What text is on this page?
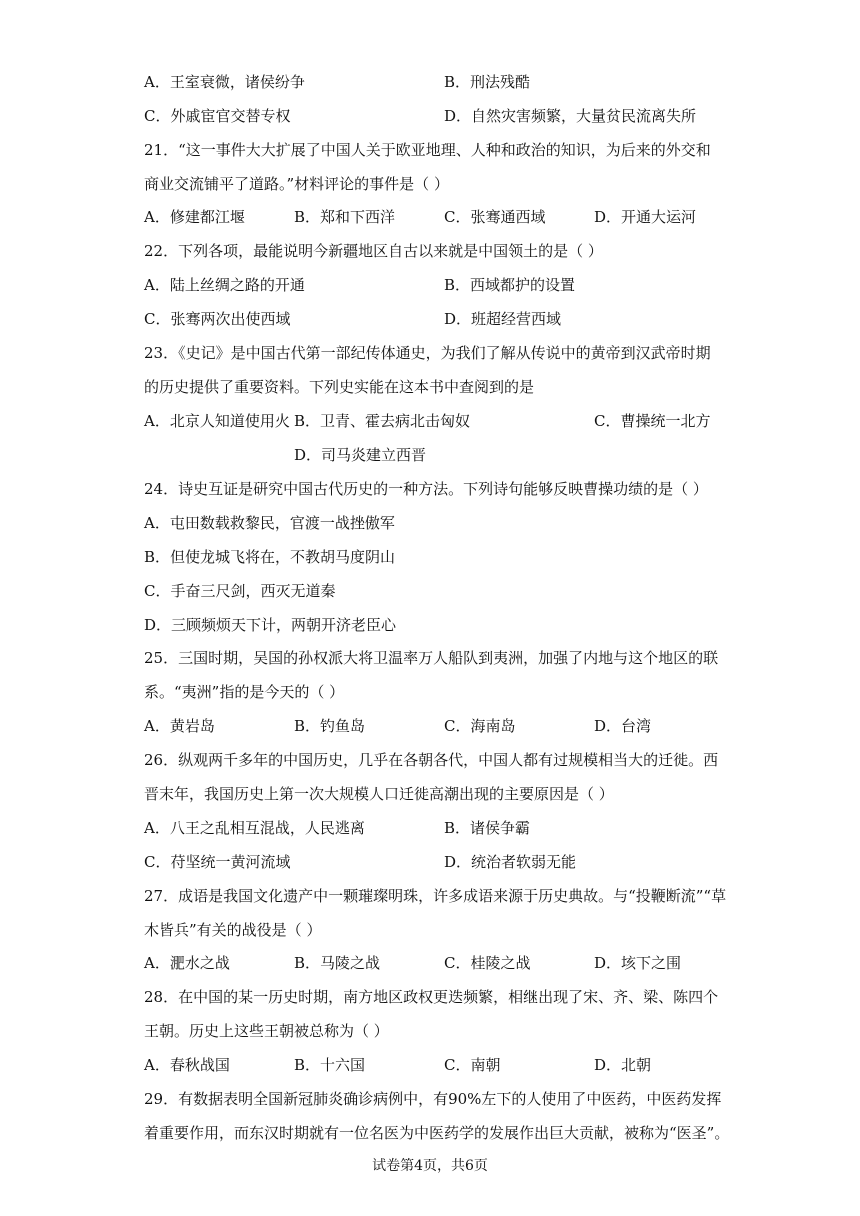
A．王室衰微，诸侯纷争	B．刑法残酷
C．外戚宦官交替专权	D．自然灾害频繁，大量贫民流离失所
21．“这一事件大大扩展了中国人关于欧亚地理、人种和政治的知识，为后来的外交和
商业交流铺平了道路。”材料评论的事件是（ ）
A．修建都江堰	B．郑和下西洋	C．张骞通西域	D．开通大运河
22．下列各项，最能说明今新疆地区自古以来就是中国领土的是（ ）
A．陆上丝绸之路的开通	B．西域都护的设置
C．张骞两次出使西域	D．班超经营西域
23．《史记》是中国古代第一部纪传体通史，为我们了解从传说中的黄帝到汉武帝时期
的历史提供了重要资料。下列史实能在这本书中查阅到的是
A．北京人知道使用火 B．卫青、霍去病北击匈奴	C．曹操统一北方
D．司马炎建立西晋
24．诗史互证是研究中国古代历史的一种方法。下列诗句能够反映曹操功绩的是（ ）
A．屯田数载救黎民，官渡一战挫傲军
B．但使龙城飞将在，不教胡马度阴山
C．手奋三尺剑，西灭无道秦
D．三顾频烦天下计，两朝开济老臣心
25．三国时期，吴国的孙权派大将卫温率万人船队到夷洲，加强了内地与这个地区的联
系。“夷洲”指的是今天的（ ）
A．黄岩岛	B．钓鱼岛	C．海南岛	D．台湾
26．纵观两千多年的中国历史，几乎在各朝各代，中国人都有过规模相当大的迁徙。西
晋末年，我国历史上第一次大规模人口迁徙高潮出现的主要原因是（ ）
A．八王之乱相互混战，人民逃离	B．诸侯争霸
C．苻坚统一黄河流域	D．统治者软弱无能
27．成语是我国文化遗产中一颗璀璨明珠，许多成语来源于历史典故。与“投鞭断流”“草
木皆兵”有关的战役是（ ）
A．淝水之战	B．马陵之战	C．桂陵之战	D．垓下之围
28．在中国的某一历史时期，南方地区政权更迭频繁，相继出现了宋、齐、梁、陈四个
王朝。历史上这些王朝被总称为（ ）
A．春秋战国	B．十六国	C．南朝	D．北朝
29．有数据表明全国新冠肺炎确诊病例中，有90%左下的人使用了中医药，中医药发挥
着重要作用，而东汉时期就有一位名医为中医药学的发展作出巨大贡献，被称为“医圣”。
试卷第4页，共6页
